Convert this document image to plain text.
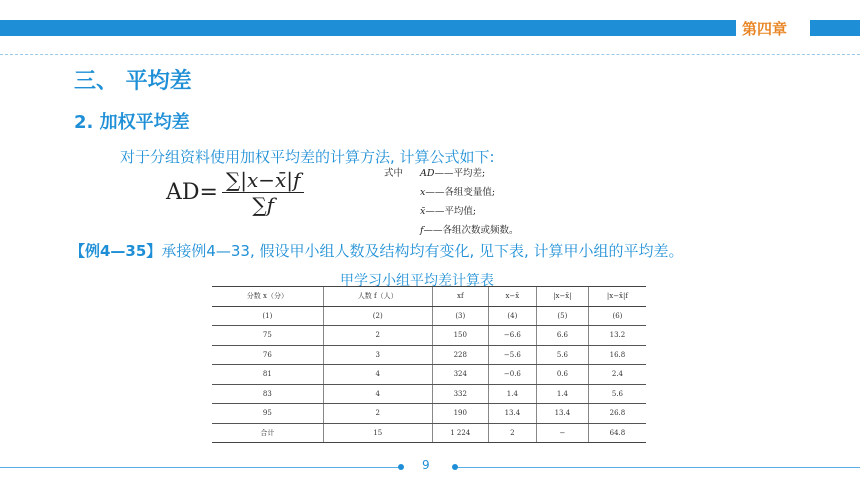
第四章
三、 平均差
2. 加权平均差
对于分组资料使用加权平均差的计算方法, 计算公式如下:
$AD= \frac{\sum|x-x̄|f}{\sum f}$	式中 AD——平均差;
x——各组变量值;
x̄——平均值;
f——各组次数或频数。
【例4—35】承接例4—33, 假设甲小组人数及结构均有变化, 见下表, 计算甲小组的平均差。
甲学习小组平均差计算表
分数 x（分）	人数 f（人）	xf	x−x̄	|x−x̄|	|x−x̄|f
(1)	(2)	(3)	(4)	(5)	(6)
75	2	150	−6.6	6.6	13.2
76	3	228	−5.6	5.6	16.8
81	4	324	−0.6	0.6	2.4
83	4	332	1.4	1.4	5.6
95	2	190	13.4	13.4	26.8
合计	15	1 224	2	−	64.8
9
